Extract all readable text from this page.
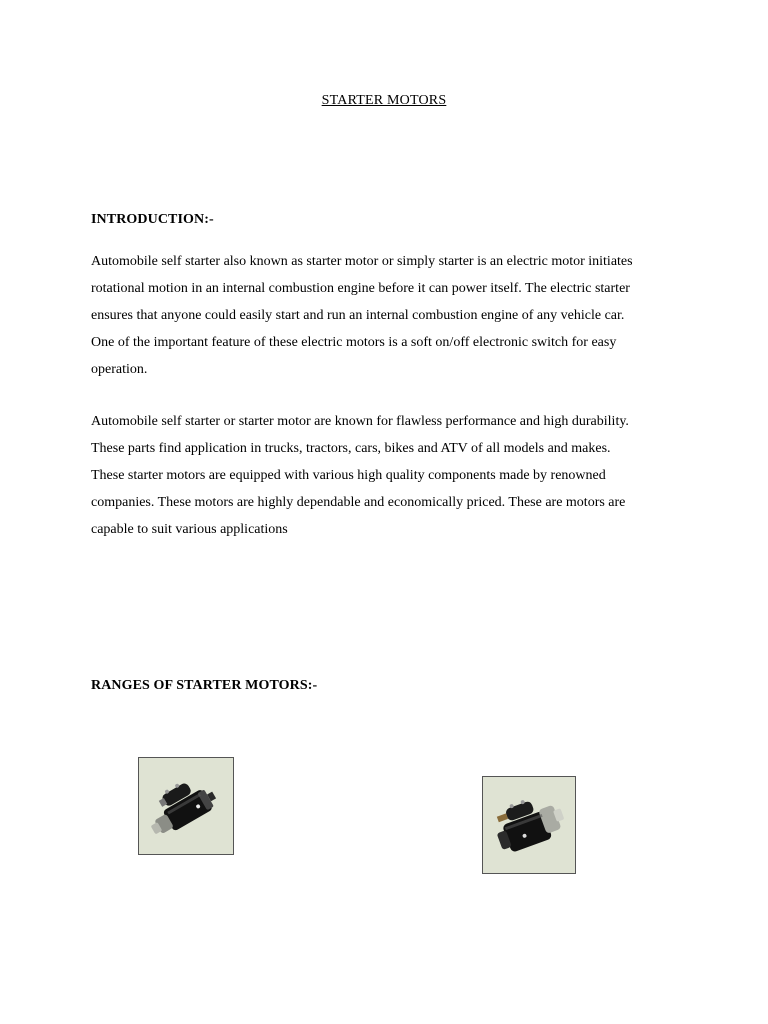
STARTER MOTORS
INTRODUCTION:-
Automobile self starter also known as starter motor or simply starter is an electric motor initiates
rotational motion in an internal combustion engine before it can power itself. The electric starter
ensures that anyone could easily start and run an internal combustion engine of any vehicle car.
One of the important feature of these electric motors is a soft on/off electronic switch for easy
operation.
Automobile self starter or starter motor are known for flawless performance and high durability.
These parts find application in trucks, tractors, cars, bikes and ATV of all models and makes.
These starter motors are equipped with various high quality components made by renowned
companies. These motors are highly dependable and economically priced. These are motors are
capable to suit various applications
RANGES OF STARTER MOTORS:-
